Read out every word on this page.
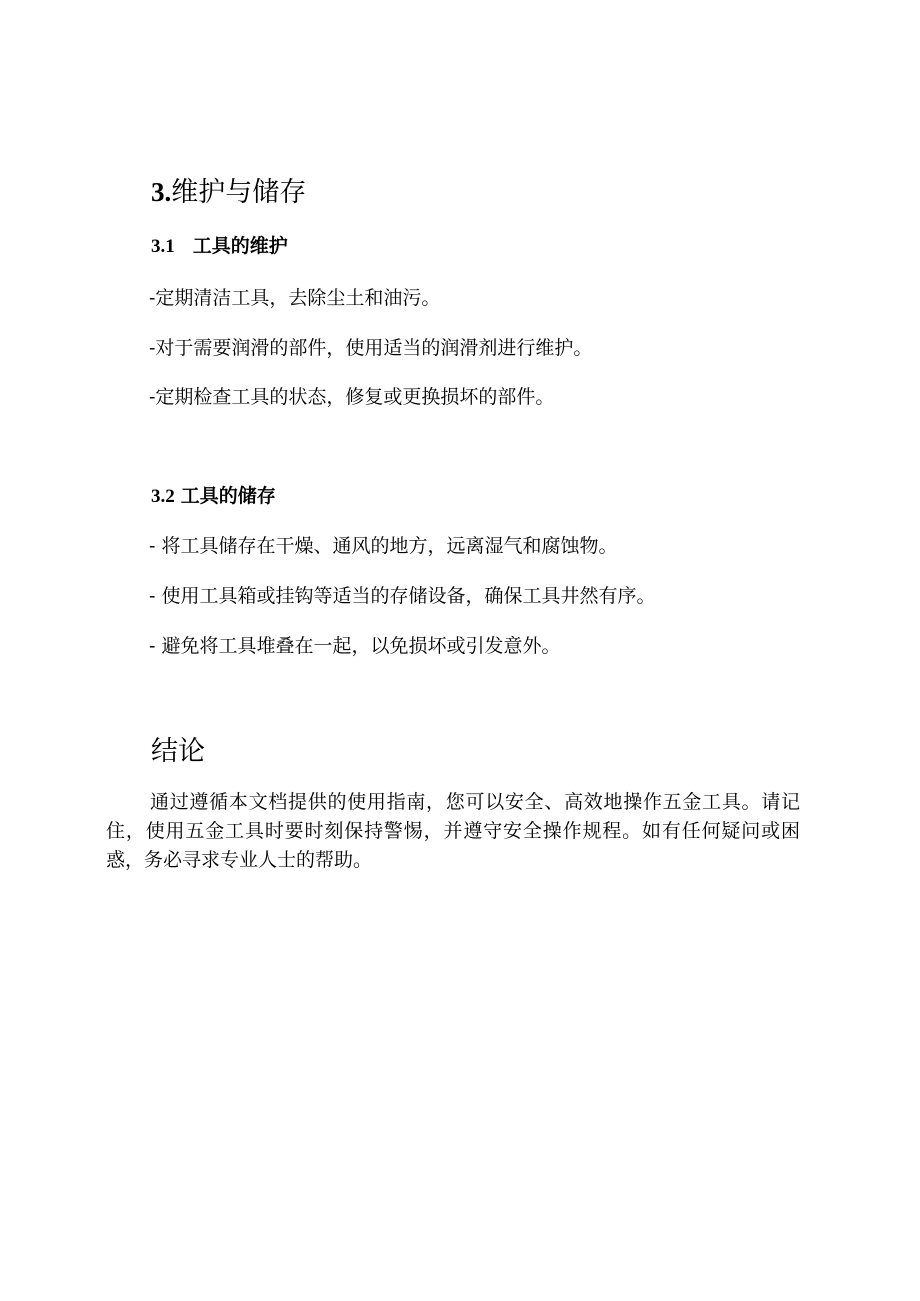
3.维护与储存
3.1 工具的维护

-定期清洁工具，去除尘土和油污。

-对于需要润滑的部件，使用适当的润滑剂进行维护。

-定期检查工具的状态，修复或更换损坏的部件。

3.2 工具的储存

- 将工具储存在干燥、通风的地方，远离湿气和腐蚀物。

- 使用工具箱或挂钩等适当的存储设备，确保工具井然有序。

- 避免将工具堆叠在一起，以免损坏或引发意外。

结论

通过遵循本文档提供的使用指南，您可以安全、高效地操作五金工具。请记住，使用五金工具时要时刻保持警惕，并遵守安全操作规程。如有任何疑问或困惑，务必寻求专业人士的帮助。
